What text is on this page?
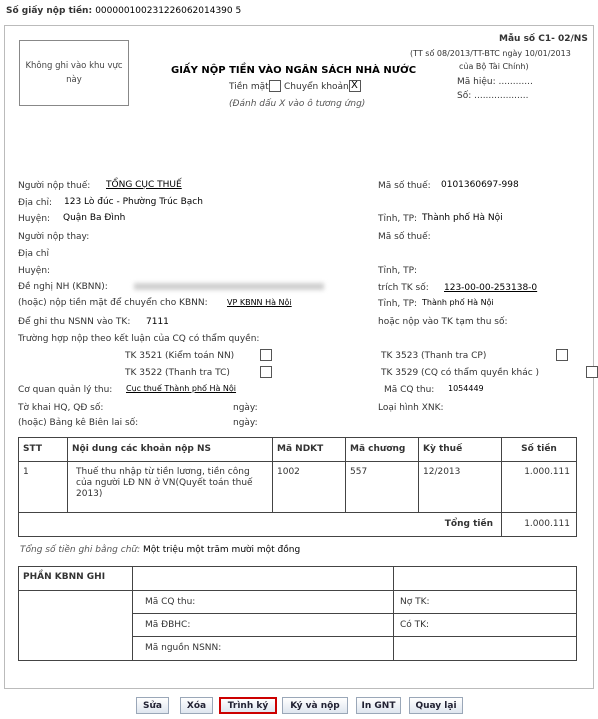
Số giấy nộp tiền: 000000100231226062014390 5
Không ghi vào khu vực này
GIẤY NỘP TIỀN VÀO NGÂN SÁCH NHÀ NƯỚC
Tiền mặt Chuyển khoản X
(Đánh dấu X vào ô tương ứng)
Mẫu số C1- 02/NS
(TT số 08/2013/TT-BTC ngày 10/01/2013
của Bộ Tài Chính)
Mã hiệu: ............
Số: ...................
Người nộp thuế: TỔNG CỤC THUẾ	Mã số thuế: 0101360697-998
Địa chỉ: 123 Lò đúc - Phường Trúc Bạch
Huyện: Quận Ba Đình	Tỉnh, TP: Thành phố Hà Nội
Người nộp thay:	Mã số thuế:
Địa chỉ
Huyện:	Tỉnh, TP:
Đề nghị NH (KBNN):	trích TK số: 123-00-00-253138-0
(hoặc) nộp tiền mặt để chuyển cho KBNN: VP KBNN Hà Nội	Tỉnh, TP: Thành phố Hà Nội
Để ghi thu NSNN vào TK: 7111	hoặc nộp vào TK tạm thu số:
Trường hợp nộp theo kết luận của CQ có thẩm quyền:
TK 3521 (Kiểm toán NN)
TK 3522 (Thanh tra TC)
TK 3523 (Thanh tra CP)
TK 3529 (CQ có thẩm quyền khác )
Cơ quan quản lý thu: Cục thuế Thành phố Hà Nội	Mã CQ thu: 1054449
Tờ khai HQ, QĐ số:	ngày:	Loại hình XNK:
(hoặc) Bảng kê Biên lai số:	ngày:
STT	Nội dung các khoản nộp NS	Mã NDKT	Mã chương	Kỳ thuế	Số tiền
1	Thuế thu nhập từ tiền lương, tiền công của người LĐ NN ở VN(Quyết toán thuế 2013)	1002	557	12/2013	1.000.111
Tổng tiền					1.000.111
Tổng số tiền ghi bằng chữ: Một triệu một trăm mười một đồng
PHẦN KBNN GHI		
	Mã CQ thu:	Nợ TK:
	Mã ĐBHC:	Có TK:
	Mã nguồn NSNN:	
Sửa	Xóa	Trình ký	Ký và nộp	In GNT	Quay lại
